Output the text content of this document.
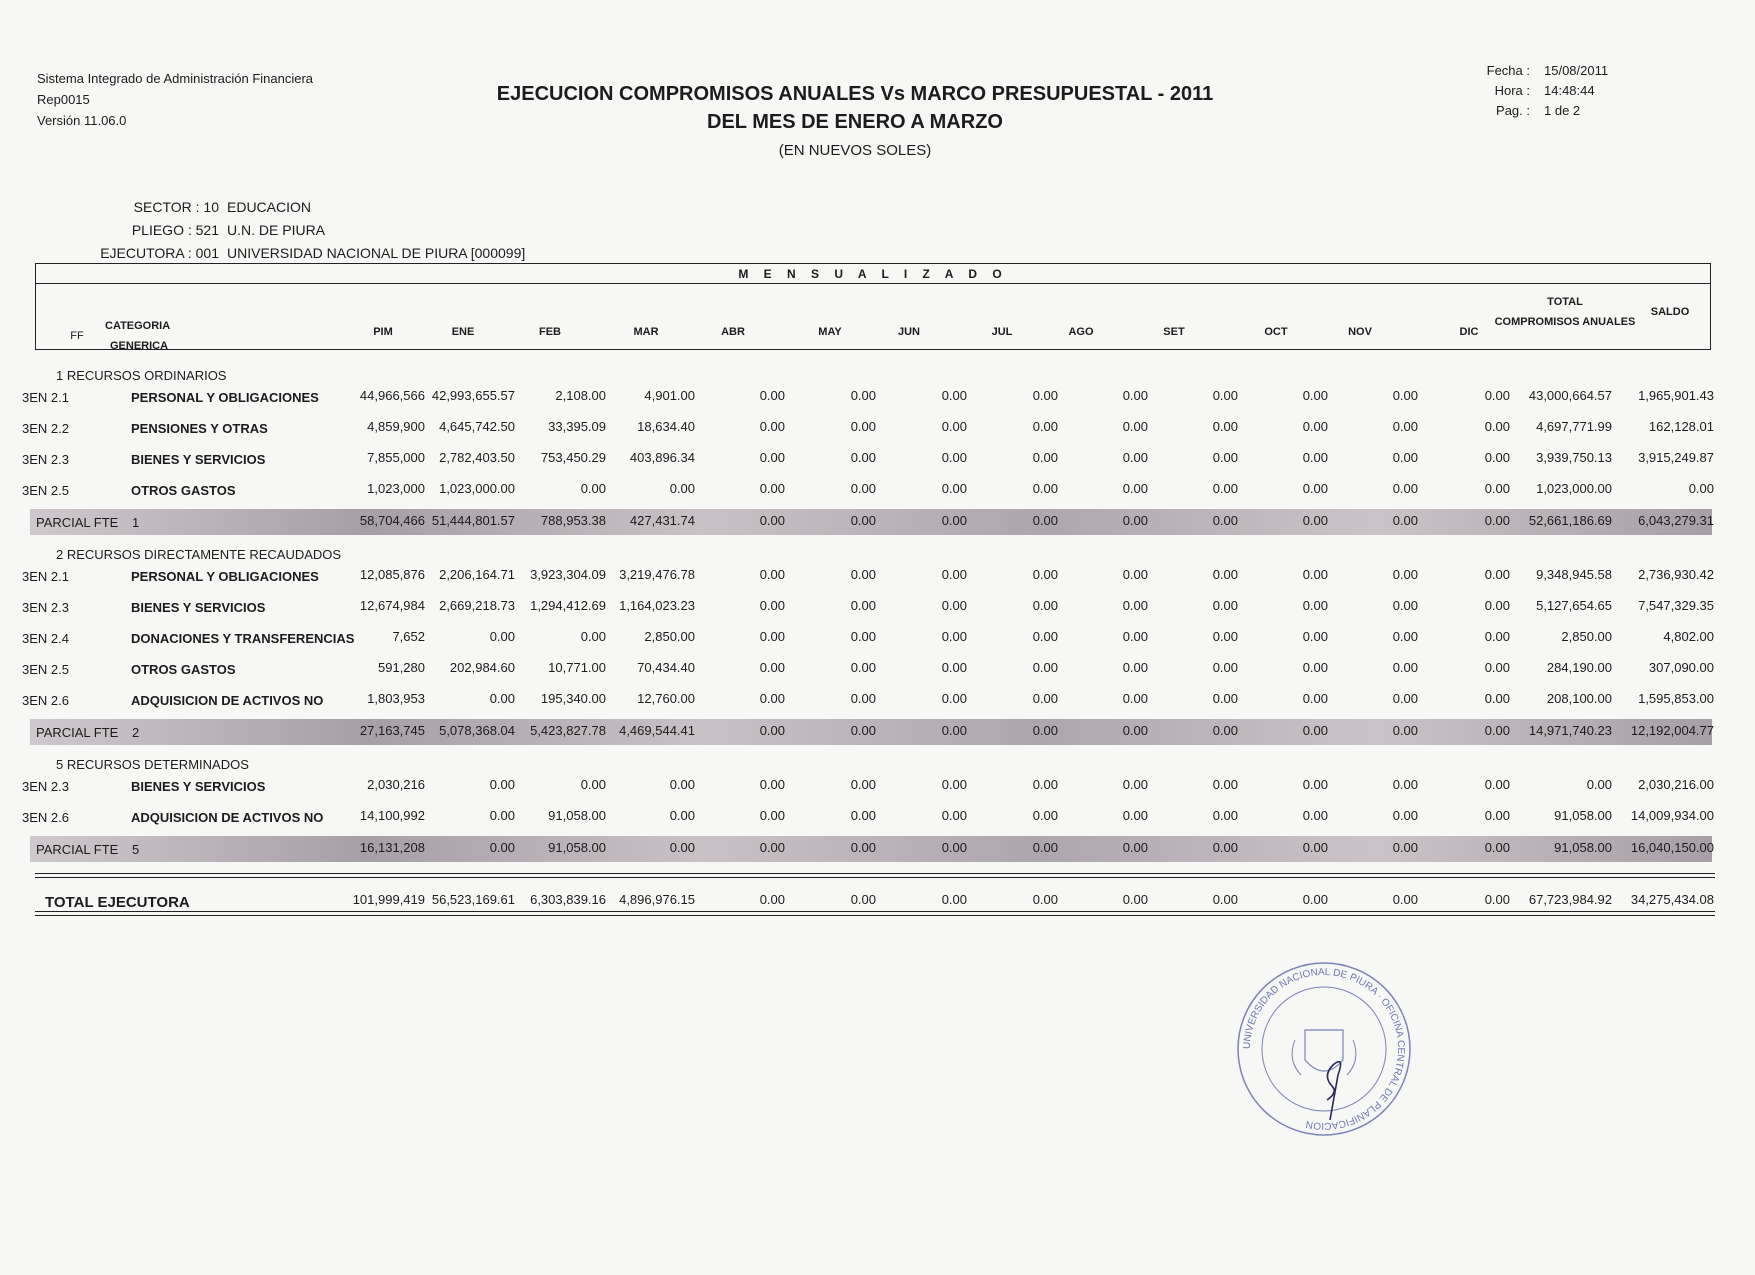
Sistema Integrado de Administración Financiera
Rep0015
Versión 11.06.0
EJECUCION COMPROMISOS ANUALES Vs MARCO PRESUPUESTAL - 2011
DEL MES DE ENERO A MARZO
(EN NUEVOS SOLES)
Fecha :	15/08/2011
Hora :	14:48:44
Pag. :	1 de 2
SECTOR : 10 EDUCACION
PLIEGO : 521 U.N. DE PIURA
EJECUTORA : 001 UNIVERSIDAD NACIONAL DE PIURA [000099]
M E N S U A L I Z A D O
FF
CATEGORIA
GENERICA
PIM	ENE	FEB	MAR	ABR	MAY	JUN	JUL	AGO	SET	OCT	NOV	DIC
TOTAL
COMPROMISOS ANUALES
SALDO
1 RECURSOS ORDINARIOS
3EN 2.1	PERSONAL Y OBLIGACIONES	44,966,566 42,993,655.57	2,108.00	4,901.00	0.00	0.00	0.00	0.00	0.00	0.00	0.00	0.00	0.00	43,000,664.57	1,965,901.43
3EN 2.2	PENSIONES Y OTRAS	4,859,900	4,645,742.50	33,395.09	18,634.40	0.00	0.00	0.00	0.00	0.00	0.00	0.00	0.00	0.00	4,697,771.99	162,128.01
3EN 2.3	BIENES Y SERVICIOS	7,855,000	2,782,403.50	753,450.29	403,896.34	0.00	0.00	0.00	0.00	0.00	0.00	0.00	0.00	0.00	3,939,750.13	3,915,249.87
3EN 2.5	OTROS GASTOS	1,023,000	1,023,000.00	0.00	0.00	0.00	0.00	0.00	0.00	0.00	0.00	0.00	0.00	0.00	1,023,000.00	0.00
PARCIAL FTE 1	58,704,466 51,444,801.57	788,953.38	427,431.74	0.00	0.00	0.00	0.00	0.00	0.00	0.00	0.00	0.00	52,661,186.69	6,043,279.31
2 RECURSOS DIRECTAMENTE RECAUDADOS
3EN 2.1	PERSONAL Y OBLIGACIONES	12,085,876	2,206,164.71	3,923,304.09	3,219,476.78	0.00	0.00	0.00	0.00	0.00	0.00	0.00	0.00	0.00	9,348,945.58	2,736,930.42
3EN 2.3	BIENES Y SERVICIOS	12,674,984	2,669,218.73	1,294,412.69	1,164,023.23	0.00	0.00	0.00	0.00	0.00	0.00	0.00	0.00	0.00	5,127,654.65	7,547,329.35
3EN 2.4	DONACIONES Y TRANSFERENCIAS	7,652	0.00	0.00	2,850.00	0.00	0.00	0.00	0.00	0.00	0.00	0.00	0.00	0.00	2,850.00	4,802.00
3EN 2.5	OTROS GASTOS	591,280	202,984.60	10,771.00	70,434.40	0.00	0.00	0.00	0.00	0.00	0.00	0.00	0.00	0.00	284,190.00	307,090.00
3EN 2.6	ADQUISICION DE ACTIVOS NO	1,803,953	0.00	195,340.00	12,760.00	0.00	0.00	0.00	0.00	0.00	0.00	0.00	0.00	0.00	208,100.00	1,595,853.00
PARCIAL FTE 2	27,163,745	5,078,368.04	5,423,827.78	4,469,544.41	0.00	0.00	0.00	0.00	0.00	0.00	0.00	0.00	0.00	14,971,740.23	12,192,004.77
5 RECURSOS DETERMINADOS
3EN 2.3	BIENES Y SERVICIOS	2,030,216	0.00	0.00	0.00	0.00	0.00	0.00	0.00	0.00	0.00	0.00	0.00	0.00	0.00	2,030,216.00
3EN 2.6	ADQUISICION DE ACTIVOS NO	14,100,992	0.00	91,058.00	0.00	0.00	0.00	0.00	0.00	0.00	0.00	0.00	0.00	0.00	91,058.00	14,009,934.00
PARCIAL FTE 5	16,131,208	0.00	91,058.00	0.00	0.00	0.00	0.00	0.00	0.00	0.00	0.00	0.00	0.00	91,058.00	16,040,150.00
TOTAL EJECUTORA	101,999,419 56,523,169.61	6,303,839.16	4,896,976.15	0.00	0.00	0.00	0.00	0.00	0.00	0.00	0.00	0.00	67,723,984.92	34,275,434.08
UNIVERSIDAD NACIONAL DE PIURA · OFICINA CENTRAL DE PLANIFICACION
